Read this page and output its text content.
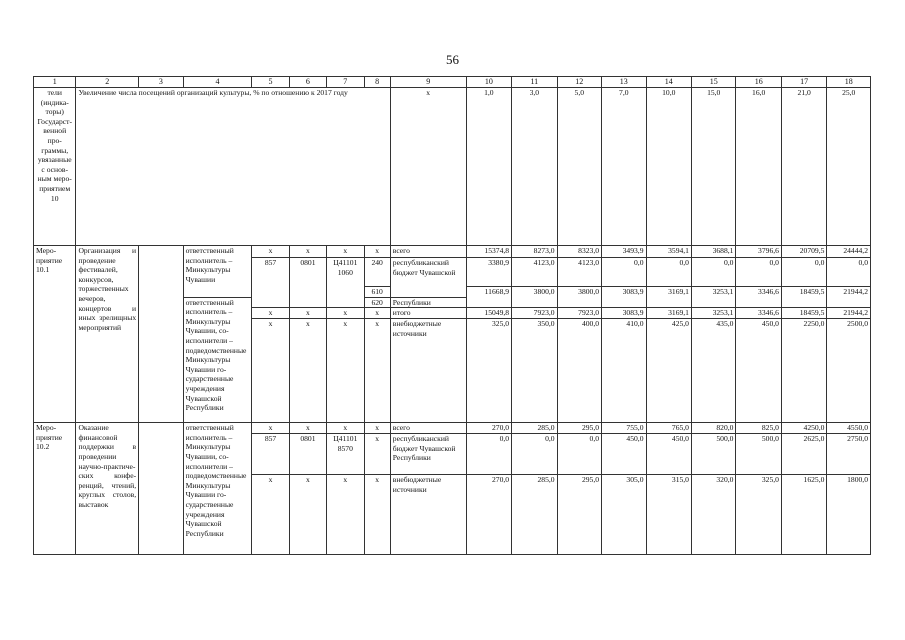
56
1	2	3	4	5	6	7	8	9	10	11	12	13	14	15	16	17	18
тели (индикаторы) Государственной программы, увязанные с основным мероприятием 10	Увеличение числа посещений организаций культуры, % по отношению к 2017 году							х	1,0	3,0	5,0	7,0	10,0	15,0	16,0	21,0	25,0
Мероприятие 10.1	Организация и проведение фестивалей, конкурсов, торжественных вечеров, концертов и иных зрелищных мероприятий		ответственный исполнитель – Минкультуры Чувашии	х	х	х	х	всего	15374,8	8273,0	8323,0	3493,9	3594,1	3688,1	3796,6	20709,5	24444,2
				857	0801	Ц41101 1060	240	республиканский бюджет Чувашской	3380,9	4123,0	4123,0	0,0	0,0	0,0	0,0	0,0	0,0
							610		11668,9	3800,0	3800,0	3083,9	3169,1	3253,1	3346,6	18459,5	21944,2
			ответственный исполнитель – Минкультуры Чувашии, соисполнители – подведомственные Минкультуры Чувашии государственные учреждения Чувашской Республики				620	Республики									
				х	х	х	х	итого	15049,8	7923,0	7923,0	3083,9	3169,1	3253,1	3346,6	18459,5	21944,2
				х	х	х	х	внебюджетные источники	325,0	350,0	400,0	410,0	425,0	435,0	450,0	2250,0	2500,0
Мероприятие 10.2	Оказание финансовой поддержки в проведении научно-практических конференций, чтений, круглых столов, выставок		ответственный исполнитель – Минкультуры Чувашии, соисполнители – подведомственные Минкультуры Чувашии государственные учреждения Чувашской Республики	х	х	х	х	всего	270,0	285,0	295,0	755,0	765,0	820,0	825,0	4250,0	4550,0
				857	0801	Ц41101 8570	х	республиканский бюджет Чувашской Республики	0,0	0,0	0,0	450,0	450,0	500,0	500,0	2625,0	2750,0
				х	х	х	х	внебюджетные источники	270,0	285,0	295,0	305,0	315,0	320,0	325,0	1625,0	1800,0
